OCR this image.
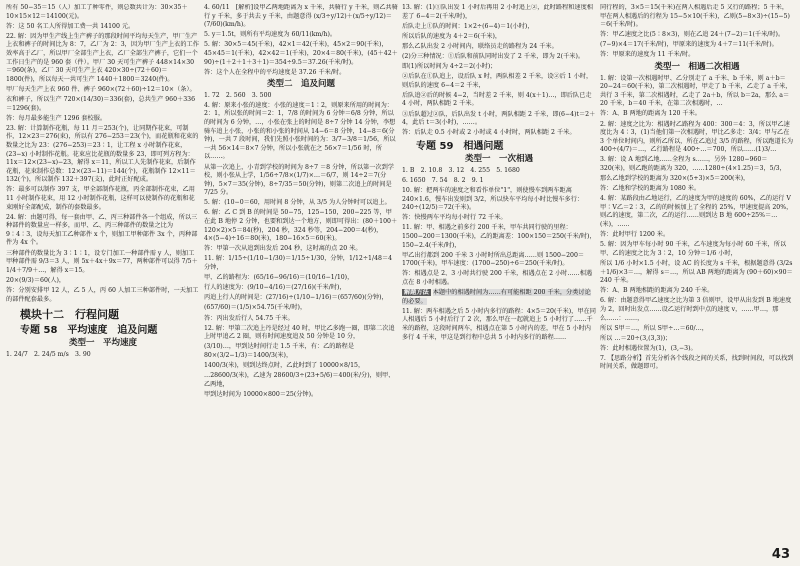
所有 50−35＝15（人）加工了种零件，则总数共计为：30×35＋10×15×12＝14100(元)。

答：这 50 名工人所得加工费一共 14100 元。

22. 解：因为甲生产线上生产裤子的那段时间平均每天生产，甲厂生产上衣和裤子的时间比为 8：7，乙厂为 2：3，因为甲厂生产上衣的工作效率高于乙厂，所以甲厂全部生产上衣，乙厂全部生产裤子，它们一个工作日生产的是 960 套（件）。甲厂 30 天可生产裤子 448×14×30＝960(条)，乙厂 30 天可生产上衣 420×30÷(72＋60)＝1800(件)，所以每天一共可生产 1440＋1800＝3240(件)。

甲厂每天生产上衣 960 件、裤子 960×(72＋60)÷12＝10×（条）。

衣和裤子，所以生产 720×(14/30)＝336(套)，总共生产 960＋336＝1296(套)。

答：每月最多能生产 1296 套校服。

23. 解：计算制作花瓶，每 11 月＝253(个)，让同期作花束，可制作，12×23＝276(束)，所以有 276−253＝23(个)，而花瓶和花束的数量之比为 23：(276−253)＝23∶1，让工程 x 小时制作花束，(23−x) 小时制作花瓶。花束应比花瓶的数量多 23，即可列方程为：11x＝12×(23−x)−23，解得 x＝11，所以工人先制作花束，后制作花瓶，花束制作总数：12×(23−11)＝144(个)，花瓶制作 12×11＝132(个)，所以制作 132＋397(支)，此时正好配成。

答：最多可以制作 397 支，甲全部制作花瓶，丙全部制作花束，乙用 11 小时制作花束，用 12 小时制作花瓶，这样可以使制作的花瓶和花束刚好全部配成，制作的套数最多。

24. 解：由题可得，每一套由甲、乙、丙三种部件各一个组成，所以三种部件的数量应一样多，而甲、乙、丙三种部件的数量之比为 9∶4∶3，设每天加工乙种部件 x 个，则加工甲种部件 3x 个，丙种部件为 4x 个。

三种部件的数量比为 3∶1∶1，设专门加工一种部件需 y 人，则加工甲种部件需 9/3＝3 人，则 5x＋4x＋9x＝77，两种部件可以得 7/5＋1/4＋7/9＋...，解得 x＝15。

20×(9/3)＝60(人)，

答：分别安排甲 12 人，乙 5 人，丙 60 人加工三种部件时，一天加工的部件配套最多。

模块十二　行程问题
专题 58　平均速度　追及问题
类型一　平均速度

1. 24/7　2. 24/5 m/s　3. 90

4. 60/11　[解析]设甲乙两地距离为 x 千米，共骑行 y 千米，则乙共骑行 y 千米，多于共去 y 千米，由题意得 (x/3÷y/12)＋(x/5÷y/12)＝(7/60)(km/h)。

5. y＝1.5t，则所有平均速度为 60/11(km/h)。

5. 解：30×5＝45(千米)，42×1＝42(千米)，45×2＝90(千米)，45×45＝1(千米)，42×42＝1(千米)，20×4＝80(千米)，(45＋42＋90)÷(1＋2＋1＋3＋1)＝354÷9.5＝37.26(千米/时)。

答：这个人在全程中的平均速度是 37.26 千米/时。

类型二　追及问题

1. 72　2. 560　3. 500

4. 解：原来小张的速度：小张的速度＝1∶2，则原来所用的时间为：2：1，所以张的时间＝2：1，7/8 的时间为 6 分钟＝6/8 分钟，所以的时间为 6 分钟，…，小张在张上的时间是 8÷7 分钟 14 分钟，李想骑车追上小张，小张的和小张的时间从 14−6＝8 分钟，14−8＝6(分钟)，一共 7 段时间，我们先照小张时间的为：3/7−3/8＝1/56，所以一共 56×14＝8×7 分钟，所以小张就在之 56×7＝1/56 时，所以……。

从第一次追上，小青到学校的时间为 8÷7 ＝8 分钟，所以第一次到学校，则小张从上学，1/56÷7/8×(1/7)×…＝6/7，则 14÷2＝7(分钟)，5×7＝35(分钟)，8÷7/35＝50(分钟)，则第二次追上的时间是 7/25 分。

5. 解：(10−0＝60，用时间 8 分钟，从 3/5 为人分钟时可以追上。

6. 解：乙 C 到 B 的时间是 50−75，125−150，200−225 等，甲在此 B 地停 2 分钟，也要和到达一个地方，则即可得出：(80＋100＋120×2)×5＝84(秒)，204 秒，324 秒等，204−200＝4(秒)，4×(5−4)÷16＝80(米)，180−16×5＝60(米)。

答：甲第一次从追到出发后 204 秒，这时离的点 20 米。

11. 解：1/15÷(1/10−1/30)＝1/15÷1/30，分钟，1/12÷1/48＝4 分钟，

甲、乙的路程为：(65/16−96/16)＝(10/16−1/10)，

行人的速度为：(9/10−4/16)＝(27/16)(千米/时)，

丙追上行人的时间是：(27/16)÷(1/10−1/16)＝(657/60)(分钟)，

(657/60)＝(1/5)×54.75(千米/时)，

答：丙出发后行人 54.75 千米。

12. 解：甲第二次追上丹是经过 40 时，甲比乙多跑一圈，即第二次追上时甲追乙 2 圈，则有时间速度追及 50 分钟是 10 分，

(3/10)…，甲到达时间行走 1.5 千米，有：乙的路程是 80×(3/2−1/3)＝1400/3(米)，

1400/3(米)，则到达终点时，乙此时到了 10000×8/15，

…28600/3(米)，乙速为 28600/3÷(23+5/6)＝400(米/分)，则甲、乙两地，

甲到达时间为 10000×800＝25(分钟)。

13. 解：(1)①队出发 1 小时后再用 2 小时追上②，此时路程和速度相差了 6−4＝2(千米/时)，

后队走上①队的时间：1×2÷(6−4)＝1(小时)，

所以后队的速度为 4＋2＝6(千米)，

那么乙队出发 2 小时间内，联络员走的路程为 24 千米。

(2)分三种情况：①后队和前队同时出发了 2 千米，即为 2(千米)。

即(1)所以时间为 4÷2＝2(小时)；

②后队在①队追上，设后队 x 时，两队相差 2 千米，设②后 1 小时，则后队的速度 6−4＝2 千米，

后队追②后的时候 4−2，当时差 2 千米，则 4(x＋1)…，即后队已走 4 小时，两队相距 2 千米。

③后队超过②队，后队出发 t 小时，两队相距 2 千米，即(6−4)t＝2＋4，此后 t＝3(小时)，……。

答：后队走 0.5 小时或 2 小时或 4 小时时，两队相距 2 千米。

专题 59　相遇问题
类型一　一次相遇

1. B　2. 10.8　3. 12　4. 255　5. 1680

6. 1650　7. 54　8. 2　9. 1

10. 解：把两车的速度之和看作单位"1"，则使慢车到两车距离 240×1.6，慢车出发则到 3/2，所以快车平均每小时比慢车多行：240÷(12/5)＝72(千米)。

答：快慢两车平均每小时行 72 千米。

11. 解：甲、相遇之前多行 200 千米，甲车共同行驶的里程：1500−200＝1300(千米)，乙的距离差：100×150＝250(千米/时)，150−2.4(千米/时)，

甲乙出行都到 200 千米 3 小时时所出总距离……则 1500−200＝1700(千米)，甲车速度：(1700−250)÷6＝250(千米/时)。

答：相遇点是 2、3 小时共行驶 200 千米，相遇点在 2 小时……相遇点在 8 小时相遇。

解题方法 本题中的相遇时间为……有可能相距 200 千米，分类讨论的必要。

11. 解：两车相遇之后 5 小时内多行的路程：4×5＝20(千米)，甲在同人相遇后 5 小时后行了 2 次，那么甲在一起就追上 5 小时行了……千米的路程，这段时间两车，相遇点在第 5 小时内的差，甲在 5 小时内多行 4 千米，甲这是到行程中总共 5 小时内多行的路程……

同行程的，3×5＝15(千米)在两人相遇后走 5 又行的路程；5 千米，甲在两人相遇后的行程为 15−5×10(千米)，乙则(5−8×3)÷(15−5)＝6(千米/时)。

答：甲乙速度之比(5∶8×3)，则在乙追 24＋(7−2)＝1(千米/时)。

(7−9)×4＝17(千米/时)，甲原来的速度为 4＋7＝11(千米/时)。

答：甲原来的速度为 11 千米/时。

类型一　相遇二次相遇

1. 解：设第一次相遇时甲、乙分别走了 a 千米、b 千米，则 a＋b＝20−24＝60(千米)，第二次相遇时，甲走了 b 千米，乙走了 a 千米，共行 3 千米，第二次相遇时，乙走了 2a＋b，所以 b＝2a，那么 a＝20 千米，b＝40 千米，在第二次相遇时，…

答：A、B 两地的距离为 120 千米。

2. 解：速度之比为：相遇时乙路程为 400：300＝4：3，所以甲乙速度比为 4∶3，(1)当他们第一次相遇时，甲比乙多走：3/4；甲与乙在 3 个单位时间内，则所乙所以，所在乙追过 3/5 的路程，所以跑道长为 400÷(4/7)＝…，乙行路程是 400÷…＝700，所以……(1)3/…

3. 解：设 A 地到乙地……全程为 s……，另外 1280−960＝320(米)，则乙跑的距离为 320，……1280÷(4×1.25)＝3，5/3，

那么乙地到学校的距离为 320×(5+3)×5＝200(米)，

答：乙地和学校的距离为 1080 米。

4. 解：某路段由乙地运行，乙的速度为甲的速度的 60%，乙的运行 V甲∶V乙＝2∶3，乙的的时候加上了全程的 25%，甲速度提高 20%，则乙的速度，第二次，乙的运行……则到达 B 地 600÷25%＝…(米)，……

答：此时甲行 1200 米。

5. 解：因为甲车每小时 90 千米，乙车速度为每小时 60 千米，所以甲、乙的速度之比为 3∶2，10 分钟＝1/6 小时，

所以 1/6 小时×1.5 小时，设 AC 的长度为 s 千米，根据题意得 (3/2s＋1/6)×3＝…，解得 s＝…，所以 AB 两地的距离为 (90＋60)×90＝240 千米。

答：A、B 两地相距的距离为 240 千米。

6. 解：由题意得甲乙速度之比为第 3 倍则甲，设甲从出发到 B 地速度为 2，回时出发点……设乙运行时到中点的速度 v，……甲…，那么……：……，

所以 S甲＝…，所以 S甲÷…＝60/…，

所以 …＝20÷(3,(3,3))；

答：此时相遇位置为(1)，(3,−3)。

7. 【思路分析】首先分析各个线段之间的关系，找到时间段，可以找到时间关系，做题即可。

43
